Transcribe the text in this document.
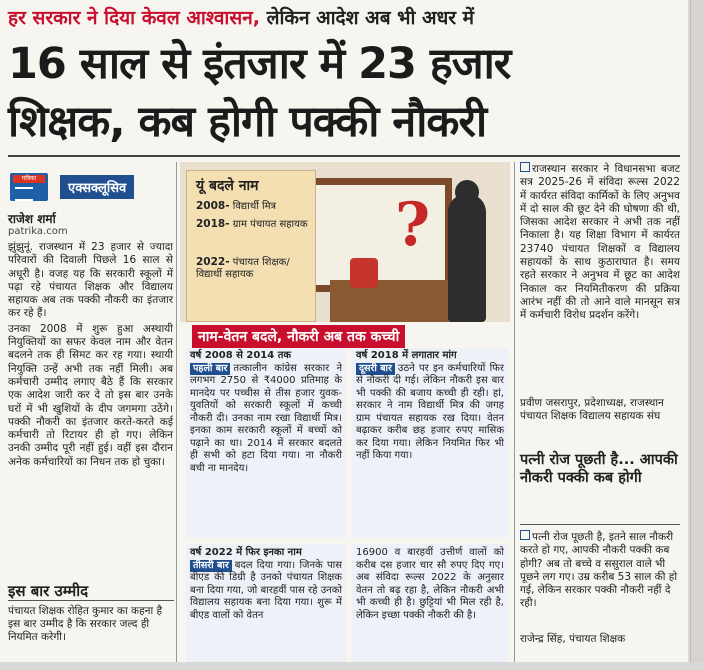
हर सरकार ने दिया केवल आश्वासन, लेकिन आदेश अब भी अधर में
16 साल से इंतजार में 23 हजार
शिक्षक, कब होगी पक्की नौकरी
पत्रिका
एक्सक्लूसिव
राजेश शर्मा
patrika.com

झुंझुनूं. राजस्थान में 23 हजार से ज्यादा परिवारों की दिवाली पिछले 16 साल से अधूरी है। वजह यह कि सरकारी स्कूलों में पढ़ा रहे पंचायत शिक्षक और विद्यालय सहायक अब तक पक्की नौकरी का इंतजार कर रहे हैं।

उनका 2008 में शुरू हुआ अस्थायी नियुक्तियों का सफर केवल नाम और वेतन बदलने तक ही सिमट कर रह गया। स्थायी नियुक्ति उन्हें अभी तक नहीं मिली। अब कर्मचारी उम्मीद लगाए बैठे हैं कि सरकार एक आदेश जारी कर दे तो इस बार उनके घरों में भी खुशियों के दीप जगमगा उठेंगे। पक्की नौकरी का इंतजार करते-करते कई कर्मचारी तो रिटायर ही हो गए। लेकिन उनकी उम्मीद पूरी नहीं हुई। वहीं इस दौरान अनेक कर्मचारियों का निधन तक हो चुका।

इस बार उम्मीद
पंचायत शिक्षक रोहित कुमार का कहना है इस बार उम्मीद है कि सरकार जल्द ही नियमित करेगी।
?
यूं बदले नाम
2008- विद्यार्थी मित्र
2018- ग्राम पंचायत सहायक
2022- पंचायत शिक्षक/विद्यार्थी सहायक
नाम-वेतन बदले, नौकरी अब तक कच्ची
वर्ष 2008 से 2014 तक
पहली बार तत्कालीन कांग्रेस सरकार ने लगभग 2750 से ₹4000 प्रतिमाह के मानदेय पर पच्चीस से तीस हजार युवक-युवतियों को सरकारी स्कूलों में कच्ची नौकरी दी। उनका नाम रखा विद्यार्थी मित्र। इनका काम सरकारी स्कूलों में बच्चों को पढ़ाने का था। 2014 में सरकार बदलते ही सभी को हटा दिया गया। ना नौकरी बची ना मानदेय।
वर्ष 2018 में लगातार मांग
दूसरी बार उठने पर इन कर्मचारियों फिर से नौकरी दी गई। लेकिन नौकरी इस बार भी पक्की की बजाय कच्ची ही रही। हां, सरकार ने नाम विद्यार्थी मित्र की जगह ग्राम पंचायत सहायक रख दिया। वेतन बढ़ाकर करीब छह हजार रुपए मासिक कर दिया गया। लेकिन नियमित फिर भी नहीं किया गया।
वर्ष 2022 में फिर इनका नाम
तीसरी बार बदल दिया गया। जिनके पास बीएड की डिग्री है उनको पंचायत शिक्षक बना दिया गया, जो बारहवीं पास रहे उनको विद्यालय सहायक बना दिया गया। शुरू में बीएड वालों को वेतन
16900 व बारहवीं उत्तीर्ण वालों को करीब दस हजार चार सौ रुपए दिए गए। अब संविदा रूल्स 2022 के अनुसार वेतन तो बढ़ रहा है, लेकिन नौकरी अभी भी कच्ची ही है। छुट्टियां भी मिल रही है, लेकिन इच्छा पक्की नौकरी की है।

राजस्थान सरकार ने विधानसभा बजट सत्र 2025-26 में संविदा रूल्स 2022 में कार्यरत संविदा कार्मिकों के लिए अनुभव में दो साल की छूट देने की घोषणा की थी, जिसका आदेश सरकार ने अभी तक नहीं निकाला है। यह शिक्षा विभाग में कार्यरत 23740 पंचायत शिक्षकों व विद्यालय सहायकों के साथ कुठाराघात है। समय रहते सरकार ने अनुभव में छूट का आदेश निकाल कर नियमितीकरण की प्रक्रिया आरंभ नहीं की तो आने वाले मानसून सत्र में कर्मचारी विरोध प्रदर्शन करेंगे।

प्रवीण जसरापुर, प्रदेशाध्यक्ष, राजस्थान पंचायत शिक्षक विद्यालय सहायक संघ
पत्नी रोज पूछती है... आपकी नौकरी पक्की कब होगी
पत्नी रोज पूछती है, इतने साल नौकरी करते हो गए, आपकी नौकरी पक्की कब होगी? अब तो बच्चे व ससुराल वाले भी पूछने लग गए। उम्र करीब 53 साल की हो गई, लेकिन सरकार पक्की नौकरी नहीं दे रही।
राजेन्द्र सिंह, पंचायत शिक्षक
